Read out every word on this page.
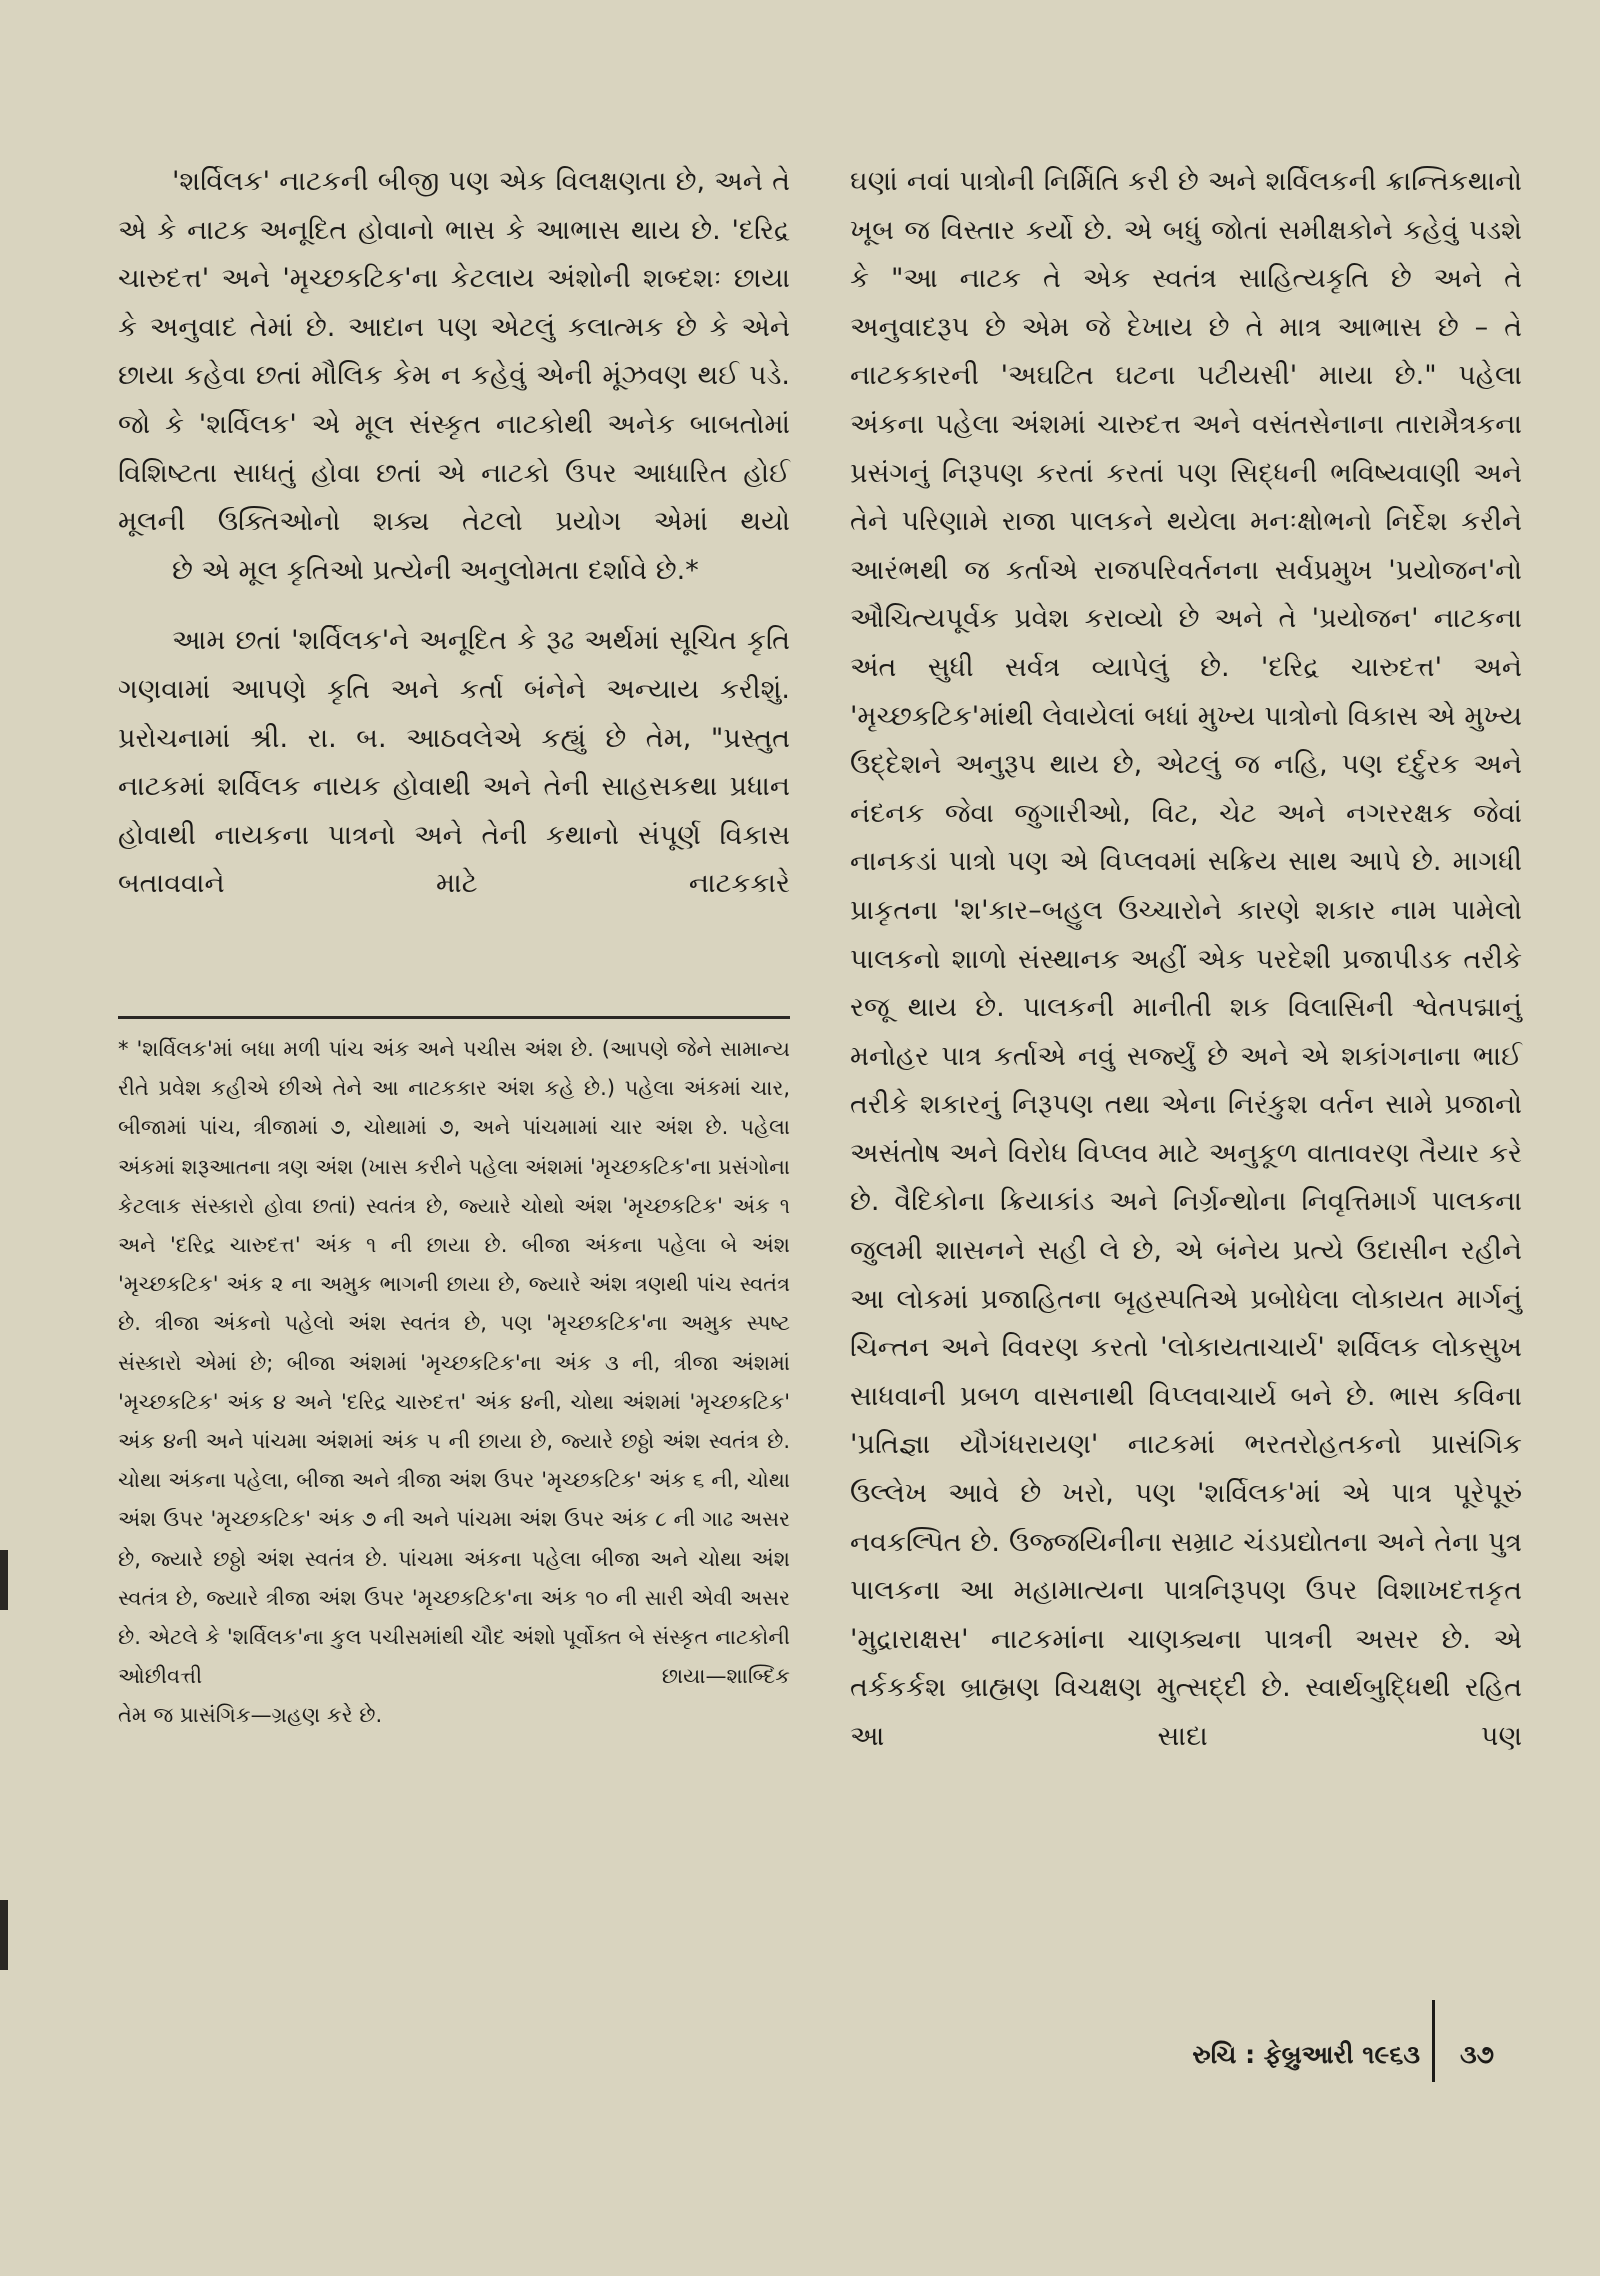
'શર્વિલક' નાટકની બીજી પણ એક વિલક્ષણતા છે, અને તે એ કે નાટક અનૂદિત હોવાનો ભાસ કે આભાસ થાય છે. 'દરિદ્ર ચારુદત્ત' અને 'મૃચ્છકટિક'ના કેટલાય અંશોની શબ્દશઃ છાયા કે અનુવાદ તેમાં છે. આદાન પણ એટલું કલાત્મક છે કે એને છાયા કહેવા છતાં મૌલિક કેમ ન કહેવું એની મૂંઝવણ થઈ પડે. જો કે 'શર્વિલક' એ મૂલ સંસ્કૃત નાટકોથી અનેક બાબતોમાં વિશિષ્ટતા સાધતું હોવા છતાં એ નાટકો ઉપર આધારિત હોઈ મૂલની ઉક્તિઓનો શક્ય તેટલો પ્રયોગ એમાં થયો
છે એ મૂલ કૃતિઓ પ્રત્યેની અનુલોમતા દર્શાવે છે.*

આમ છતાં 'શર્વિલક'ને અનૂદિત કે રૂઢ અર્થમાં સૂચિત કૃતિ ગણવામાં આપણે કૃતિ અને કર્તા બંનેને અન્યાય કરીશું. પ્રરોચનામાં શ્રી. રા. બ. આઠવલેએ કહ્યું છે તેમ, "પ્રસ્તુત નાટકમાં શર્વિલક નાયક હોવાથી અને તેની સાહસકથા પ્રધાન હોવાથી નાયકના પાત્રનો અને તેની કથાનો સંપૂર્ણ વિકાસ બતાવવાને માટે નાટકકારે

* 'શર્વિલક'માં બધા મળી પાંચ અંક અને પચીસ અંશ છે. (આપણે જેને સામાન્ય રીતે પ્રવેશ કહીએ છીએ તેને આ નાટકકાર અંશ કહે છે.) પહેલા અંકમાં ચાર, બીજામાં પાંચ, ત્રીજામાં ૭, ચોથામાં ૭, અને પાંચમામાં ચાર અંશ છે. પહેલા અંકમાં શરૂઆતના ત્રણ અંશ (ખાસ કરીને પહેલા અંશમાં 'મૃચ્છકટિક'ના પ્રસંગોના કેટલાક સંસ્કારો હોવા છતાં) સ્વતંત્ર છે, જ્યારે ચોથો અંશ 'મૃચ્છકટિક' અંક ૧ અને 'દરિદ્ર ચારુદત્ત' અંક ૧ ની છાયા છે. બીજા અંકના પહેલા બે અંશ 'મૃચ્છકટિક' અંક ૨ ના અમુક ભાગની છાયા છે, જ્યારે અંશ ત્રણથી પાંચ સ્વતંત્ર છે. ત્રીજા અંકનો પહેલો અંશ સ્વતંત્ર છે, પણ 'મૃચ્છકટિક'ના અમુક સ્પષ્ટ સંસ્કારો એમાં છે; બીજા અંશમાં 'મૃચ્છકટિક'ના અંક ૩ ની, ત્રીજા અંશમાં 'મૃચ્છકટિક' અંક ૪ અને 'દરિદ્ર ચારુદત્ત' અંક ૪ની, ચોથા અંશમાં 'મૃચ્છકટિક' અંક ૪ની અને પાંચમા અંશમાં અંક ૫ ની છાયા છે, જ્યારે છઠ્ઠો અંશ સ્વતંત્ર છે. ચોથા અંકના પહેલા, બીજા અને ત્રીજા અંશ ઉપર 'મૃચ્છકટિક' અંક ૬ ની, ચોથા અંશ ઉપર 'મૃચ્છકટિક' અંક ૭ ની અને પાંચમા અંશ ઉપર અંક ૮ ની ગાઢ અસર છે, જ્યારે છઠ્ઠો અંશ સ્વતંત્ર છે. પાંચમા અંકના પહેલા બીજા અને ચોથા અંશ સ્વતંત્ર છે, જ્યારે ત્રીજા અંશ ઉપર 'મૃચ્છકટિક'ના અંક ૧૦ ની સારી એવી અસર છે. એટલે કે 'શર્વિલક'ના કુલ પચીસમાંથી ચૌદ અંશો પૂર્વોક્ત બે સંસ્કૃત નાટકોની ઓછીવત્તી છાયા—શાબ્દિક
તેમ જ પ્રાસંગિક—ગ્રહણ કરે છે.

ઘણાં નવાં પાત્રોની નિર્મિતિ કરી છે અને શર્વિલકની ક્રાન્તિકથાનો ખૂબ જ વિસ્તાર કર્યો છે. એ બધું જોતાં સમીક્ષકોને કહેવું પડશે કે "આ નાટક તે એક સ્વતંત્ર સાહિત્યકૃતિ છે અને તે અનુવાદરૂપ છે એમ જે દેખાય છે તે માત્ર આભાસ છે – તે નાટકકારની 'અઘટિત ઘટના પટીયસી' માયા છે." પહેલા અંકના પહેલા અંશમાં ચારુદત્ત અને વસંતસેનાના તારામૈત્રકના પ્રસંગનું નિરૂપણ કરતાં કરતાં પણ સિદ્ધની ભવિષ્યવાણી અને તેને પરિણામે રાજા પાલકને થયેલા મનઃક્ષોભનો નિર્દેશ કરીને આરંભથી જ કર્તાએ રાજપરિવર્તનના સર્વપ્રમુખ 'પ્રયોજન'નો ઔચિત્યપૂર્વક પ્રવેશ કરાવ્યો છે અને તે 'પ્રયોજન' નાટકના અંત સુધી સર્વત્ર વ્યાપેલું છે. 'દરિદ્ર ચારુદત્ત' અને 'મૃચ્છકટિક'માંથી લેવાયેલાં બધાં મુખ્ય પાત્રોનો વિકાસ એ મુખ્ય ઉદ્દેશને અનુરૂપ થાય છે, એટલું જ નહિ, પણ દર્દુરક અને નંદનક જેવા જુગારીઓ, વિટ, ચેટ અને નગરરક્ષક જેવાં નાનકડાં પાત્રો પણ એ વિપ્લવમાં સક્રિય સાથ આપે છે. માગધી પ્રાકૃતના 'શ'કાર–બહુલ ઉચ્ચારોને કારણે શકાર નામ પામેલો પાલકનો શાળો સંસ્થાનક અહીં એક પરદેશી પ્રજાપીડક તરીકે રજૂ થાય છે. પાલકની માનીતી શક વિલાસિની શ્વેતપદ્માનું મનોહર પાત્ર કર્તાએ નવું સર્જ્યું છે અને એ શકાંગનાના ભાઈ તરીકે શકારનું નિરૂપણ તથા એના નિરંકુશ વર્તન સામે પ્રજાનો અસંતોષ અને વિરોધ વિપ્લવ માટે અનુકૂળ વાતાવરણ તૈયાર કરે છે. વૈદિકોના ક્રિયાકાંડ અને નિર્ગ્રન્થોના નિવૃત્તિમાર્ગ પાલકના જુલમી શાસનને સહી લે છે, એ બંનેય પ્રત્યે ઉદાસીન રહીને આ લોકમાં પ્રજાહિતના બૃહસ્પતિએ પ્રબોધેલા લોકાયત માર્ગનું ચિન્તન અને વિવરણ કરતો 'લોકાયતાચાર્ય' શર્વિલક લોકસુખ સાધવાની પ્રબળ વાસનાથી વિપ્લવાચાર્ય બને છે. ભાસ કવિના 'પ્રતિજ્ઞા યૌગંધરાયણ' નાટકમાં ભરતરોહતકનો પ્રાસંગિક ઉલ્લેખ આવે છે ખરો, પણ 'શર્વિલક'માં એ પાત્ર પૂરેપૂરું નવકલ્પિત છે. ઉજ્જયિનીના સમ્રાટ ચંડપ્રદ્યોતના અને તેના પુત્ર પાલકના આ મહામાત્યના પાત્રનિરૂપણ ઉપર વિશાખદત્તકૃત 'મુદ્રારાક્ષસ' નાટકમાંના ચાણક્યના પાત્રની અસર છે. એ તર્કકર્કશ બ્રાહ્મણ વિચક્ષણ મુત્સદ્દી છે. સ્વાર્થબુદ્ધિથી રહિત આ સાદા પણ

રુચિ : ફેબ્રુઆરી ૧૯૬૩ ૩૭
